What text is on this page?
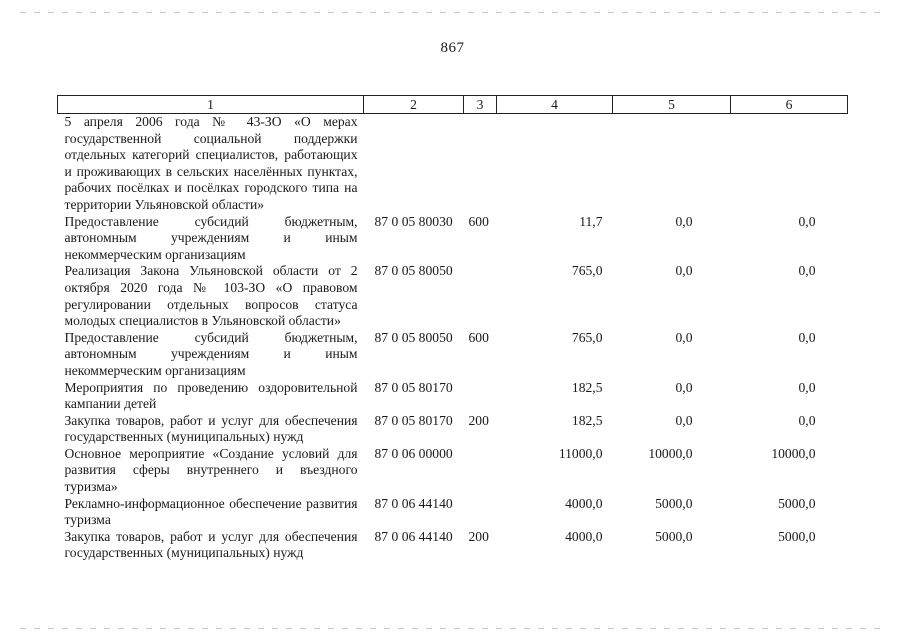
867
1	2	3	4	5	6
5 апреля 2006 года № 43-ЗО «О мерах государственной социальной поддержки отдельных категорий специалистов, работающих и проживающих в сельских населённых пунктах, рабочих посёлках и посёлках городского типа на территории Ульяновской области»					
Предоставление субсидий бюджетным, автономным учреждениям и иным некоммерческим организациям	87 0 05 80030	600	11,7	0,0	0,0
Реализация Закона Ульяновской области от 2 октября 2020 года № 103-ЗО «О правовом регулировании отдельных вопросов статуса молодых специалистов в Ульяновской области»	87 0 05 80050		765,0	0,0	0,0
Предоставление субсидий бюджетным, автономным учреждениям и иным некоммерческим организациям	87 0 05 80050	600	765,0	0,0	0,0
Мероприятия по проведению оздоровительной кампании детей	87 0 05 80170		182,5	0,0	0,0
Закупка товаров, работ и услуг для обеспечения государственных (муниципальных) нужд	87 0 05 80170	200	182,5	0,0	0,0
Основное мероприятие «Создание условий для развития сферы внутреннего и въездного туризма»	87 0 06 00000		11000,0	10000,0	10000,0
Рекламно-информационное обеспечение развития туризма	87 0 06 44140		4000,0	5000,0	5000,0
Закупка товаров, работ и услуг для обеспечения государственных (муниципальных) нужд	87 0 06 44140	200	4000,0	5000,0	5000,0
